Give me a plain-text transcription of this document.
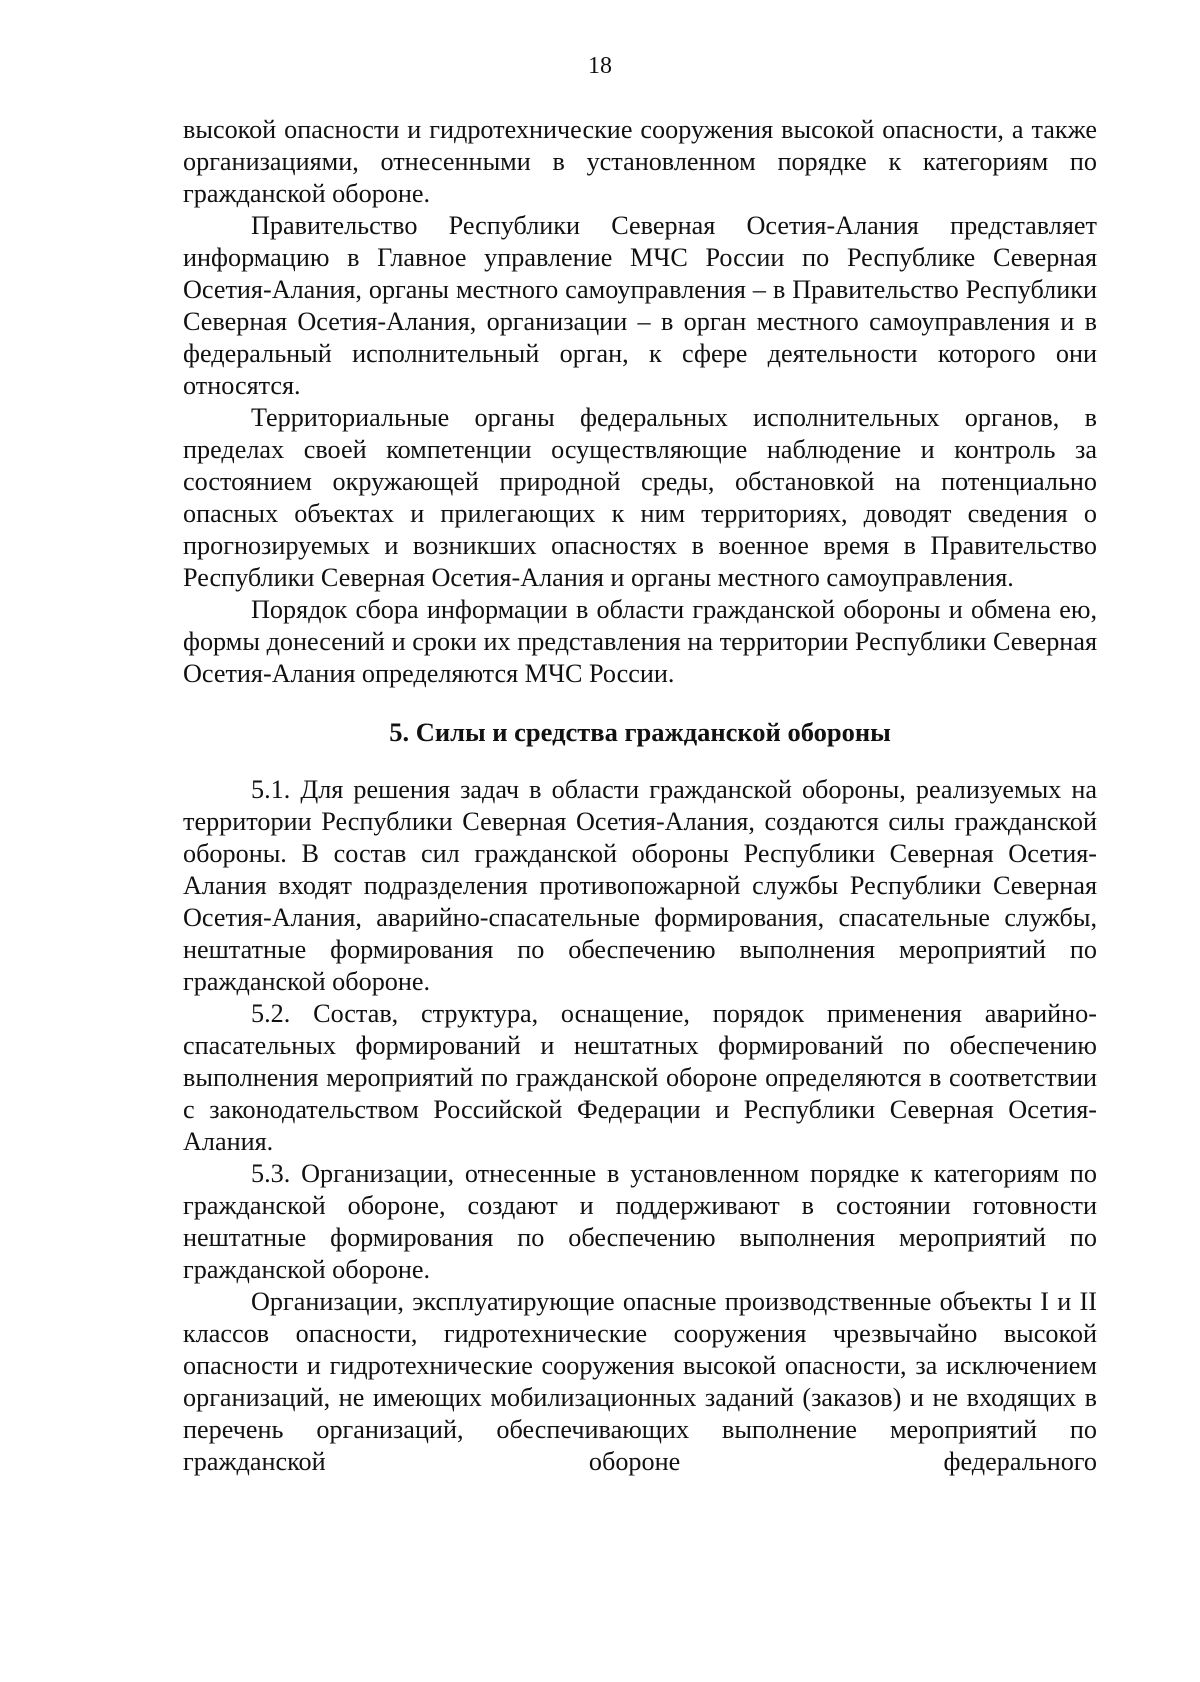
18

высокой опасности и гидротехнические сооружения высокой опасности, а также организациями, отнесенными в установленном порядке к категориям по гражданской обороне.

Правительство Республики Северная Осетия-Алания представляет информацию в Главное управление МЧС России по Республике Северная Осетия-Алания, органы местного самоуправления – в Правительство Республики Северная Осетия-Алания, организации – в орган местного самоуправления и в федеральный исполнительный орган, к сфере деятельности которого они относятся.

Территориальные органы федеральных исполнительных органов, в пределах своей компетенции осуществляющие наблюдение и контроль за состоянием окружающей природной среды, обстановкой на потенциально опасных объектах и прилегающих к ним территориях, доводят сведения о прогнозируемых и возникших опасностях в военное время в Правительство Республики Северная Осетия-Алания и органы местного самоуправления.

Порядок сбора информации в области гражданской обороны и обмена ею, формы донесений и сроки их представления на территории Республики Северная Осетия-Алания определяются МЧС России.

5. Силы и средства гражданской обороны

5.1. Для решения задач в области гражданской обороны, реализуемых на территории Республики Северная Осетия-Алания, создаются силы гражданской обороны. В состав сил гражданской обороны Республики Северная Осетия-Алания входят подразделения противопожарной службы Республики Северная Осетия-Алания, аварийно-спасательные формирования, спасательные службы, нештатные формирования по обеспечению выполнения мероприятий по гражданской обороне.

5.2. Состав, структура, оснащение, порядок применения аварийно-спасательных формирований и нештатных формирований по обеспечению выполнения мероприятий по гражданской обороне определяются в соответствии с законодательством Российской Федерации и Республики Северная Осетия-Алания.

5.3. Организации, отнесенные в установленном порядке к категориям по гражданской обороне, создают и поддерживают в состоянии готовности нештатные формирования по обеспечению выполнения мероприятий по гражданской обороне.

Организации, эксплуатирующие опасные производственные объекты I и II классов опасности, гидротехнические сооружения чрезвычайно высокой опасности и гидротехнические сооружения высокой опасности, за исключением организаций, не имеющих мобилизационных заданий (заказов) и не входящих в перечень организаций, обеспечивающих выполнение мероприятий по гражданской обороне федерального
